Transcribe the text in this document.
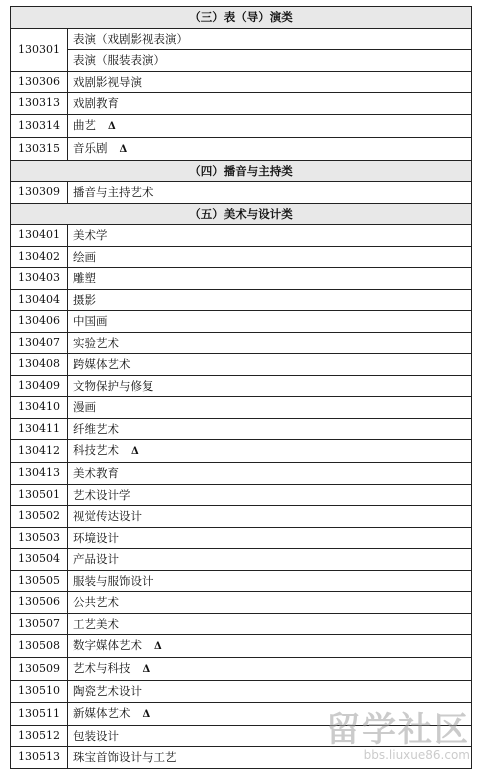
（三）表（导）演类	
130301	表演（戏剧影视表演）
	表演（服装表演）
130306	戏剧影视导演
130313	戏剧教育
130314	曲艺 Δ
130315	音乐剧 Δ
（四）播音与主持类	
130309	播音与主持艺术
（五）美术与设计类	
130401	美术学
130402	绘画
130403	雕塑
130404	摄影
130406	中国画
130407	实验艺术
130408	跨媒体艺术
130409	文物保护与修复
130410	漫画
130411	纤维艺术
130412	科技艺术 Δ
130413	美术教育
130501	艺术设计学
130502	视觉传达设计
130503	环境设计
130504	产品设计
130505	服装与服饰设计
130506	公共艺术
130507	工艺美术
130508	数字媒体艺术 Δ
130509	艺术与科技 Δ
130510	陶瓷艺术设计
130511	新媒体艺术 Δ
130512	包装设计
130513	珠宝首饰设计与工艺
留学社区
bbs.liuxue86.com
